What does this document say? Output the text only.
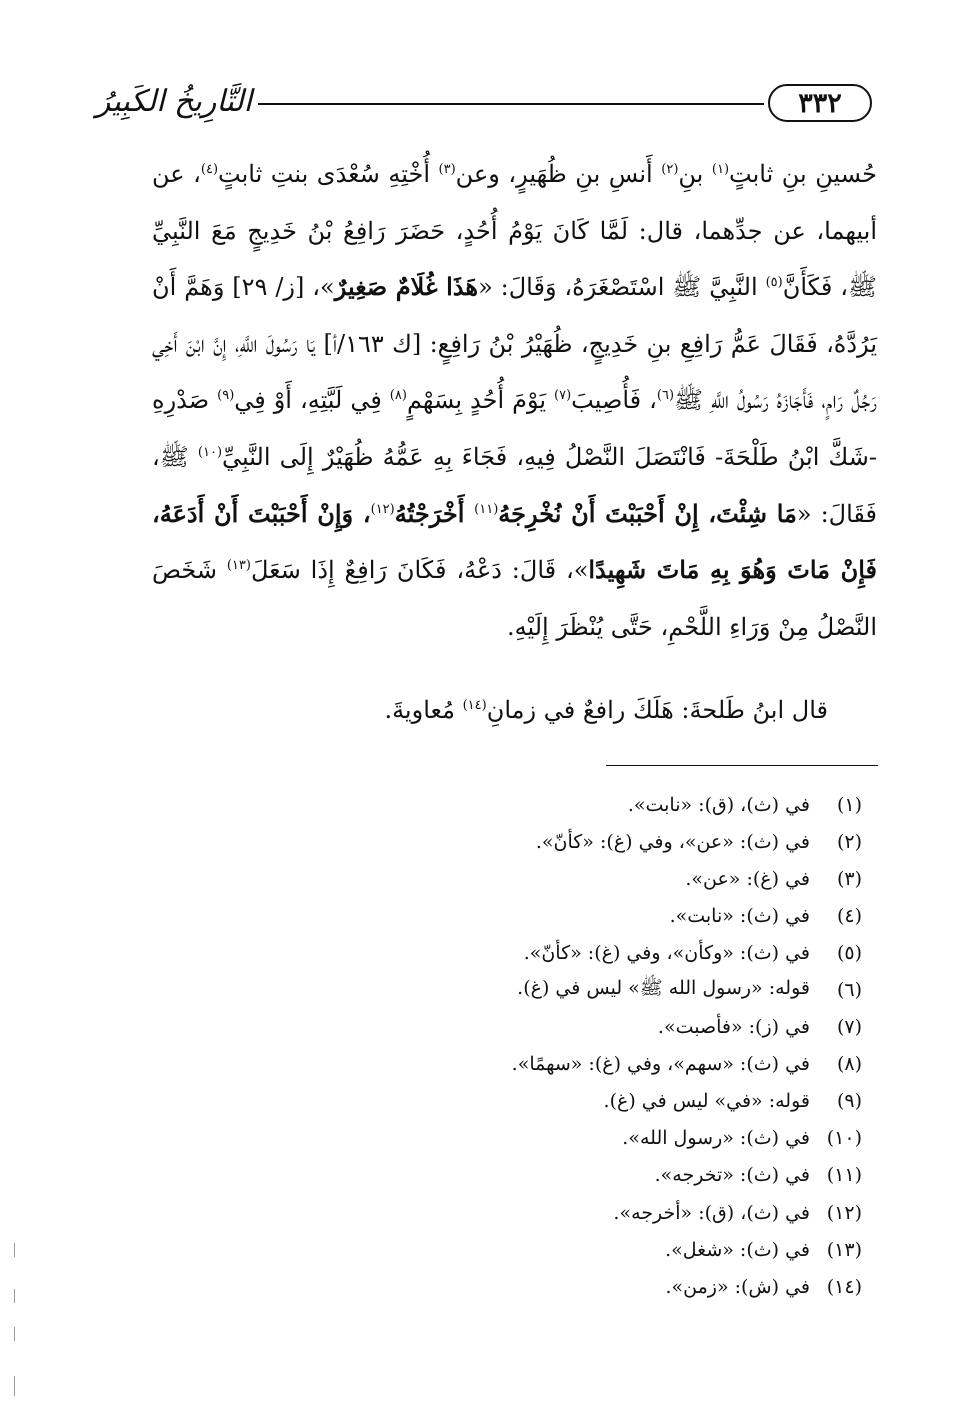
٣٣٢
التَّارِيخُ الكَبِيرُ

حُسينِ بنِ ثابتٍ$^{(١)}$ بنِ$^{(٢)}$ أَنسِ بنِ ظُهَيرٍ، وعن$^{(٣)}$ أُخْتِهِ سُعْدَى بنتِ ثابتٍ$^{(٤)}$، عن أبيهما، عن جدِّهما، قال: لَمَّا كَانَ يَوْمُ أُحُدٍ، حَضَرَ رَافِعُ بْنُ خَدِيجٍ مَعَ النَّبِيِّ ﷺ، فَكَأَنَّ$^{(٥)}$ النَّبِيَّ ﷺ اسْتَصْغَرَهُ، وَقَالَ: «هَذَا غُلَامٌ صَغِيرٌ»، [ز/ ٢٩] وَهَمَّ أَنْ يَرُدَّهُ، فَقَالَ عَمُّ رَافِعِ بنِ خَدِيجٍ، ظُهَيْرُ بْنُ رَافِعٍ: [ك ١٦٣/أ] يَا رَسُولَ اللَّهِ، إِنَّ ابْنَ أَخِي رَجُلٌ رَامٍ، فَأَجَازَهُ رَسُولُ اللَّهِ ﷺ$^{(٦)}$، فَأُصِيبَ$^{(٧)}$ يَوْمَ أُحُدٍ بِسَهْمٍ$^{(٨)}$ فِي لَبَّتِهِ، أَوْ فِي$^{(٩)}$ صَدْرِهِ -شَكَّ ابْنُ طَلْحَةَ- فَانْتَصَلَ النَّصْلُ فِيهِ، فَجَاءَ بِهِ عَمُّهُ ظُهَيْرٌ إِلَى النَّبِيِّ$^{(١٠)}$ ﷺ، فَقَالَ: «مَا شِئْتَ، إِنْ أَحْبَبْتَ أَنْ نُخْرِجَهُ$^{(١١)}$ أَخْرَجْتُهُ$^{(١٢)}$، وَإِنْ أَحْبَبْتَ أَنْ أَدَعَهُ، فَإِنْ مَاتَ وَهُوَ بِهِ مَاتَ شَهِيدًا»، قَالَ: دَعْهُ، فَكَانَ رَافِعٌ إِذَا سَعَلَ$^{(١٣)}$ شَخَصَ النَّصْلُ مِنْ وَرَاءِ اللَّحْمِ، حَتَّى يُنْظَرَ إِلَيْهِ.

قال ابنُ طَلحةَ: هَلَكَ رافعٌ في زمانِ$^{(١٤)}$ مُعاويةَ.

(١)
في (ث)، (ق): «نابت».
(٢)
في (ث): «عن»، وفي (غ): «كأنّ».
(٣)
في (غ): «عن».
(٤)
في (ث): «نابت».
(٥)
في (ث): «وكأن»، وفي (غ): «كأنّ».
(٦)
قوله: «رسول الله ﷺ» ليس في (غ).
(٧)
في (ز): «فأصبت».
(٨)
في (ث): «سهم»، وفي (غ): «سهمًا».
(٩)
قوله: «في» ليس في (غ).
(١٠)
في (ث): «رسول الله».
(١١)
في (ث): «تخرجه».
(١٢)
في (ث)، (ق): «أخرجه».
(١٣)
في (ث): «شغل».
(١٤)
في (ش): «زمن».
